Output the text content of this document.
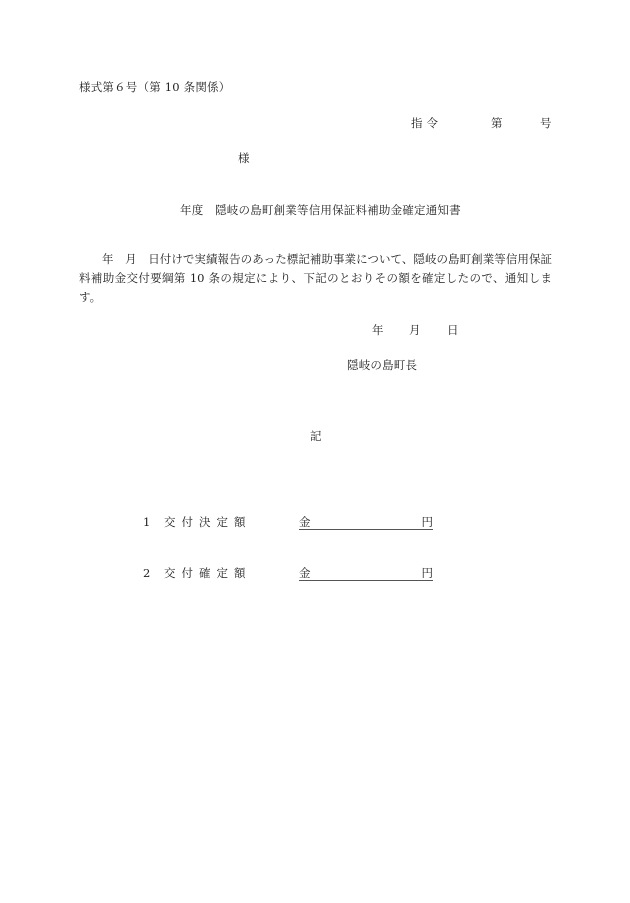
様式第６号（第 10 条関係）
指 令	第	号
様
年度　隠岐の島町創業等信用保証料補助金確定通知書
年　月　日付けで実績報告のあった標記補助事業について、隠岐の島町創業等信用保証料補助金交付要綱第 10 条の規定により、下記のとおりその額を確定したので、通知します。
年 月 日
隠岐の島町長
記
1 交付決定額	金	円
2 交付確定額	金	円
